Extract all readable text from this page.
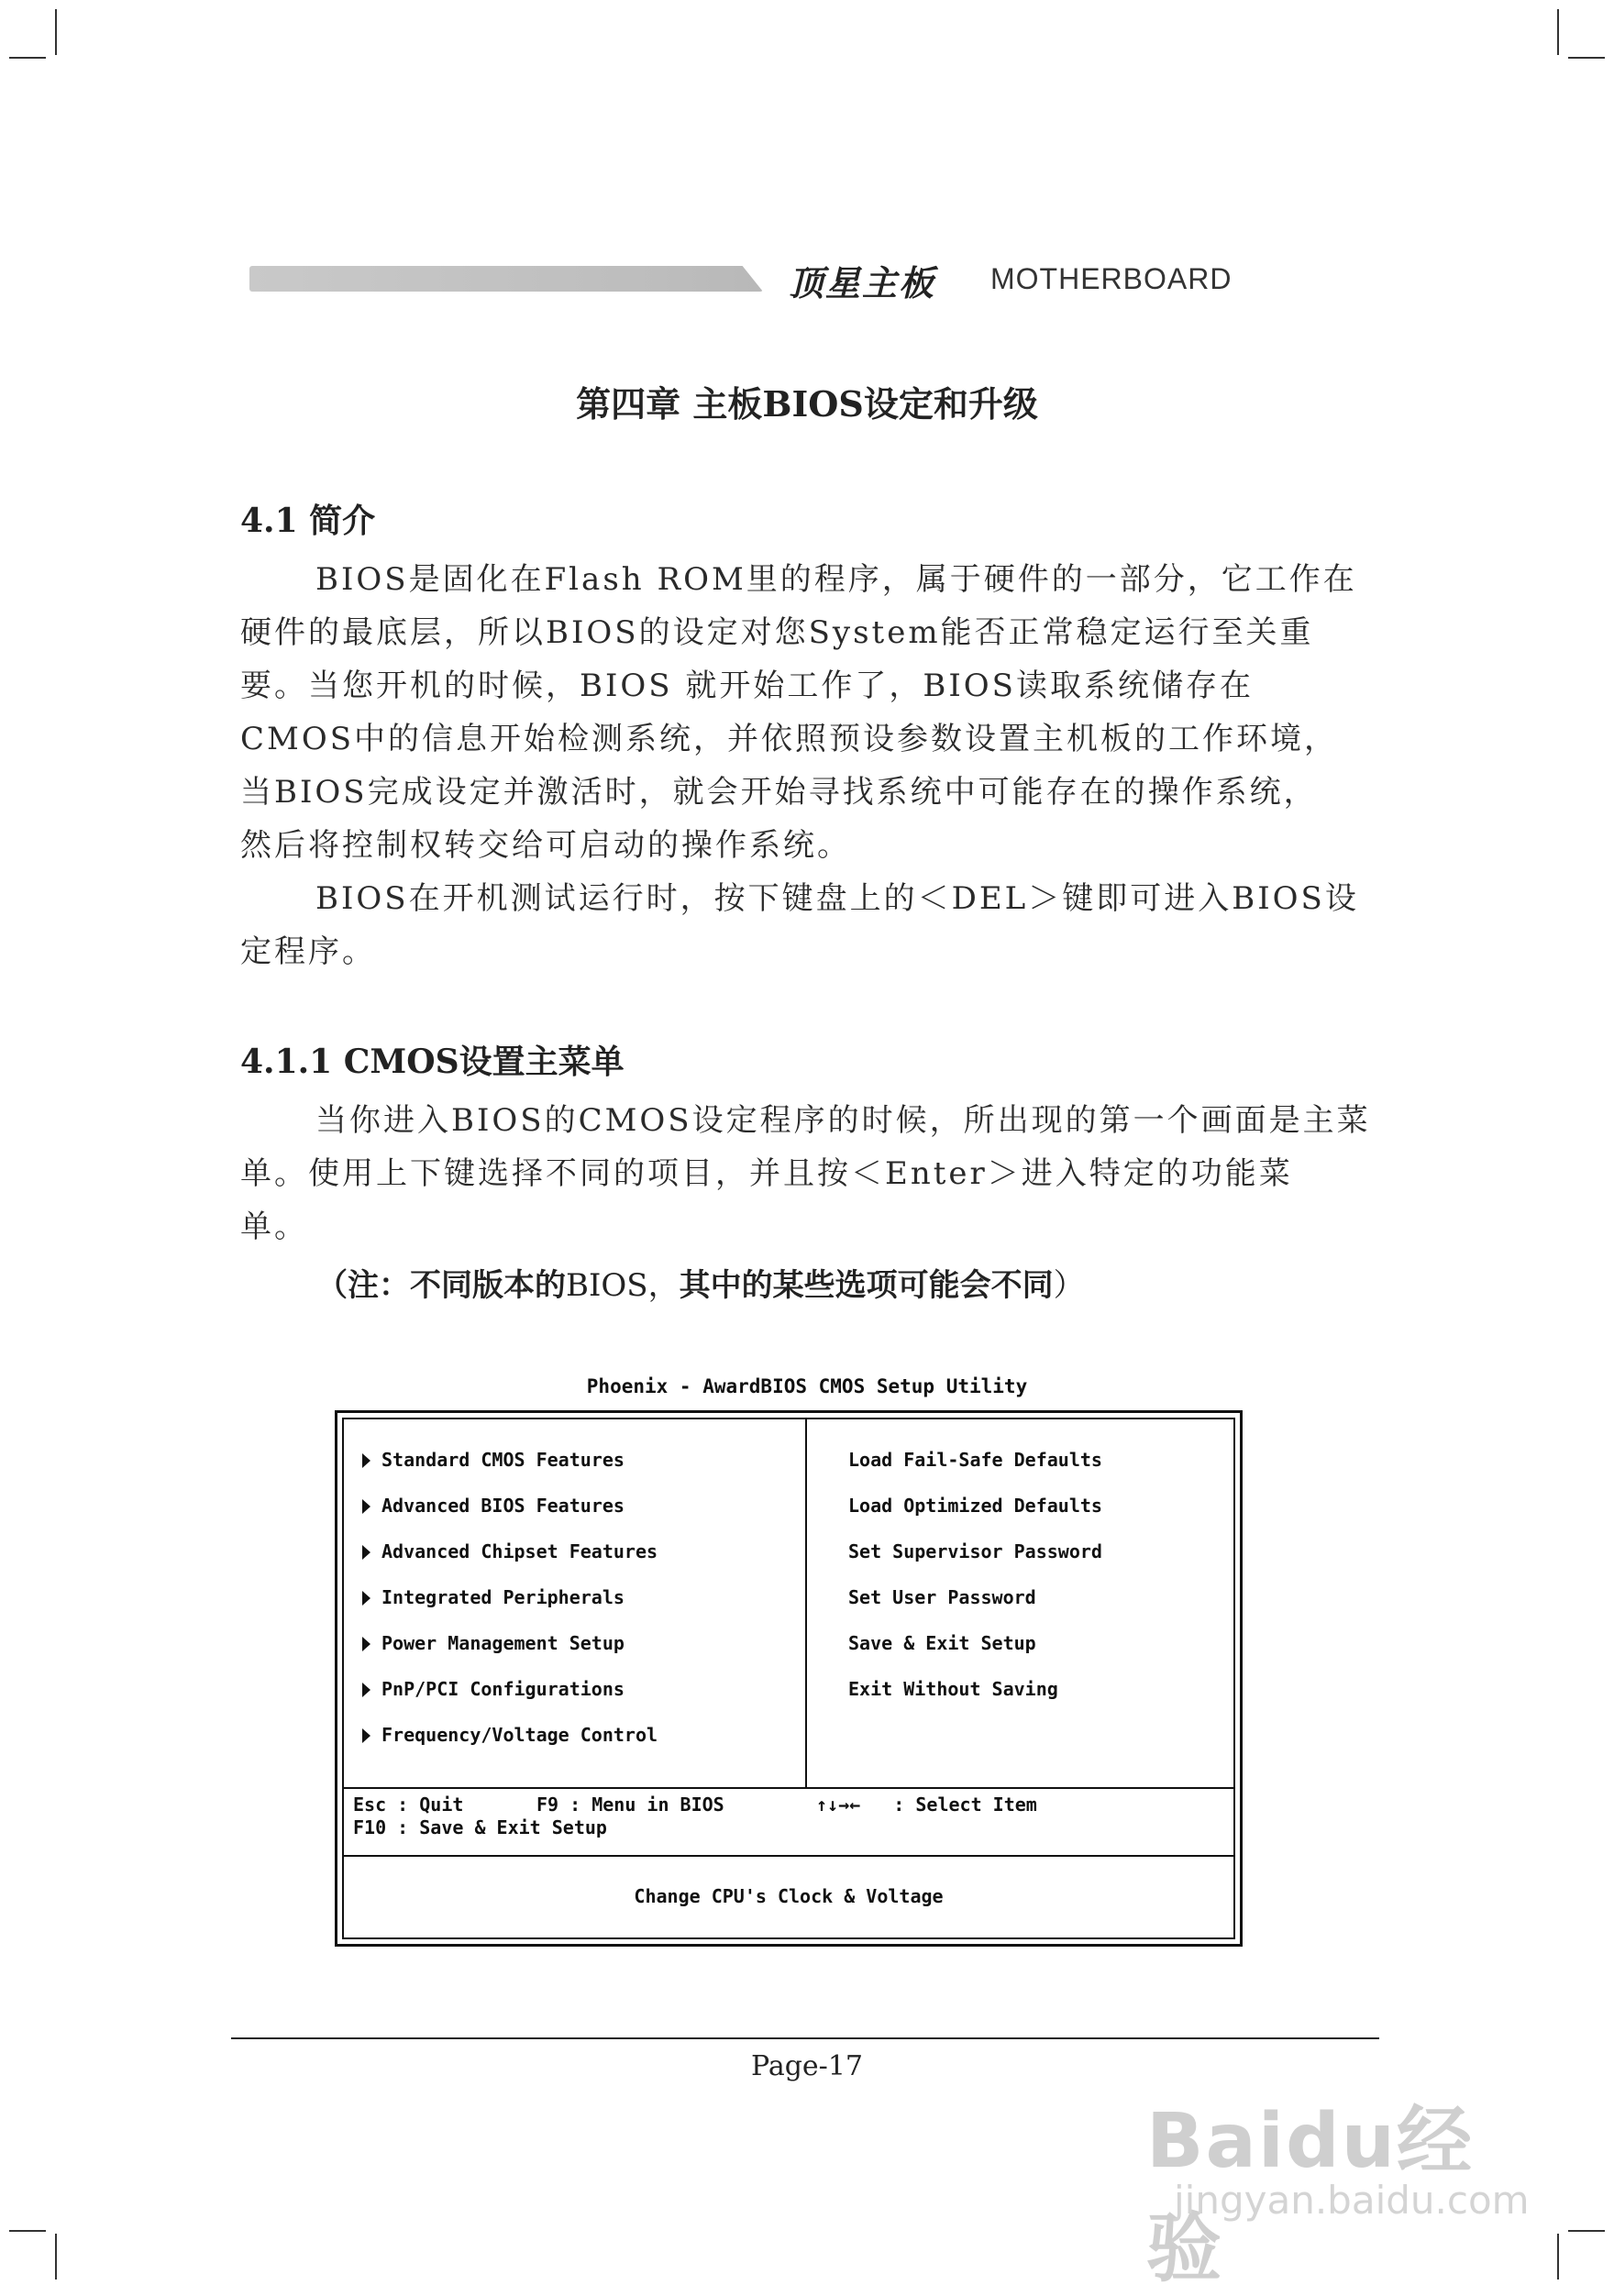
顶星主板 MOTHERBOARD
第四章 主板BIOS设定和升级
4.1 简介
BIOS是固化在Flash ROM里的程序，属于硬件的一部分，它工作在
硬件的最底层，所以BIOS的设定对您System能否正常稳定运行至关重
要。当您开机的时候，BIOS 就开始工作了，BIOS读取系统储存在
CMOS中的信息开始检测系统，并依照预设参数设置主机板的工作环境，
当BIOS完成设定并激活时，就会开始寻找系统中可能存在的操作系统，
然后将控制权转交给可启动的操作系统。
BIOS在开机测试运行时，按下键盘上的＜DEL＞键即可进入BIOS设
定程序。
4.1.1 CMOS设置主菜单
当你进入BIOS的CMOS设定程序的时候，所出现的第一个画面是主菜
单。使用上下键选择不同的项目，并且按＜Enter＞进入特定的功能菜
单。
（注：不同版本的BIOS，其中的某些选项可能会不同）
Phoenix - AwardBIOS CMOS Setup Utility
Standard CMOS Features
Advanced BIOS Features
Advanced Chipset Features
Integrated Peripherals
Power Management Setup
PnP/PCI Configurations
Frequency/Voltage Control
Load Fail-Safe Defaults
Load Optimized Defaults
Set Supervisor Password
Set User Password
Save & Exit Setup
Exit Without Saving
Esc : Quit	F9 : Menu in BIOS	↑↓→←   : Select Item
F10 : Save & Exit Setup
Change CPU's Clock & Voltage
Page-17
Baidu经验
jingyan.baidu.com
